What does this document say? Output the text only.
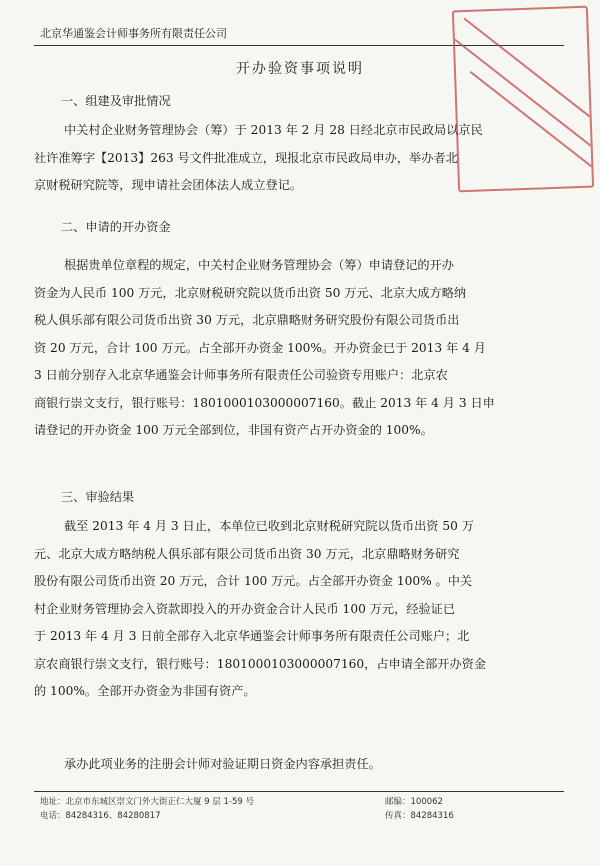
北京华通鉴会计师事务所有限责任公司
开办验资事项说明
一、组建及审批情况
中关村企业财务管理协会（筹）于 2013 年 2 月 28 日经北京市民政局以京民
社许准筹字【2013】263 号文件批准成立，现报北京市民政局申办，举办者北
京财税研究院等，现申请社会团体法人成立登记。
二、申请的开办资金
根据贵单位章程的规定，中关村企业财务管理协会（筹）申请登记的开办
资金为人民币 100 万元，北京财税研究院以货币出资 50 万元、北京大成方略纳
税人俱乐部有限公司货币出资 30 万元，北京鼎略财务研究股份有限公司货币出
资 20 万元，合计 100 万元。占全部开办资金 100%。开办资金已于 2013 年 4 月
3 日前分别存入北京华通鉴会计师事务所有限责任公司验资专用账户：北京农
商银行崇文支行，银行账号：1801000103000007160。截止 2013 年 4 月 3 日申
请登记的开办资金 100 万元全部到位，非国有资产占开办资金的 100%。
三、审验结果
截至 2013 年 4 月 3 日止，本单位已收到北京财税研究院以货币出资 50 万
元、北京大成方略纳税人俱乐部有限公司货币出资 30 万元，北京鼎略财务研究
股份有限公司货币出资 20 万元，合计 100 万元。占全部开办资金 100% 。中关
村企业财务管理协会入资款即投入的开办资金合计人民币 100 万元，经验证已
于 2013 年 4 月 3 日前全部存入北京华通鉴会计师事务所有限责任公司账户；北
京农商银行崇文支行，银行账号：1801000103000007160，占申请全部开办资金
的 100%。全部开办资金为非国有资产。
承办此项业务的注册会计师对验证期日资金内容承担责任。
地址：北京市东城区崇文门外大街正仁大厦 9 层 1-59 号
电话：84284316、84280817
邮编：100062
传真：84284316
